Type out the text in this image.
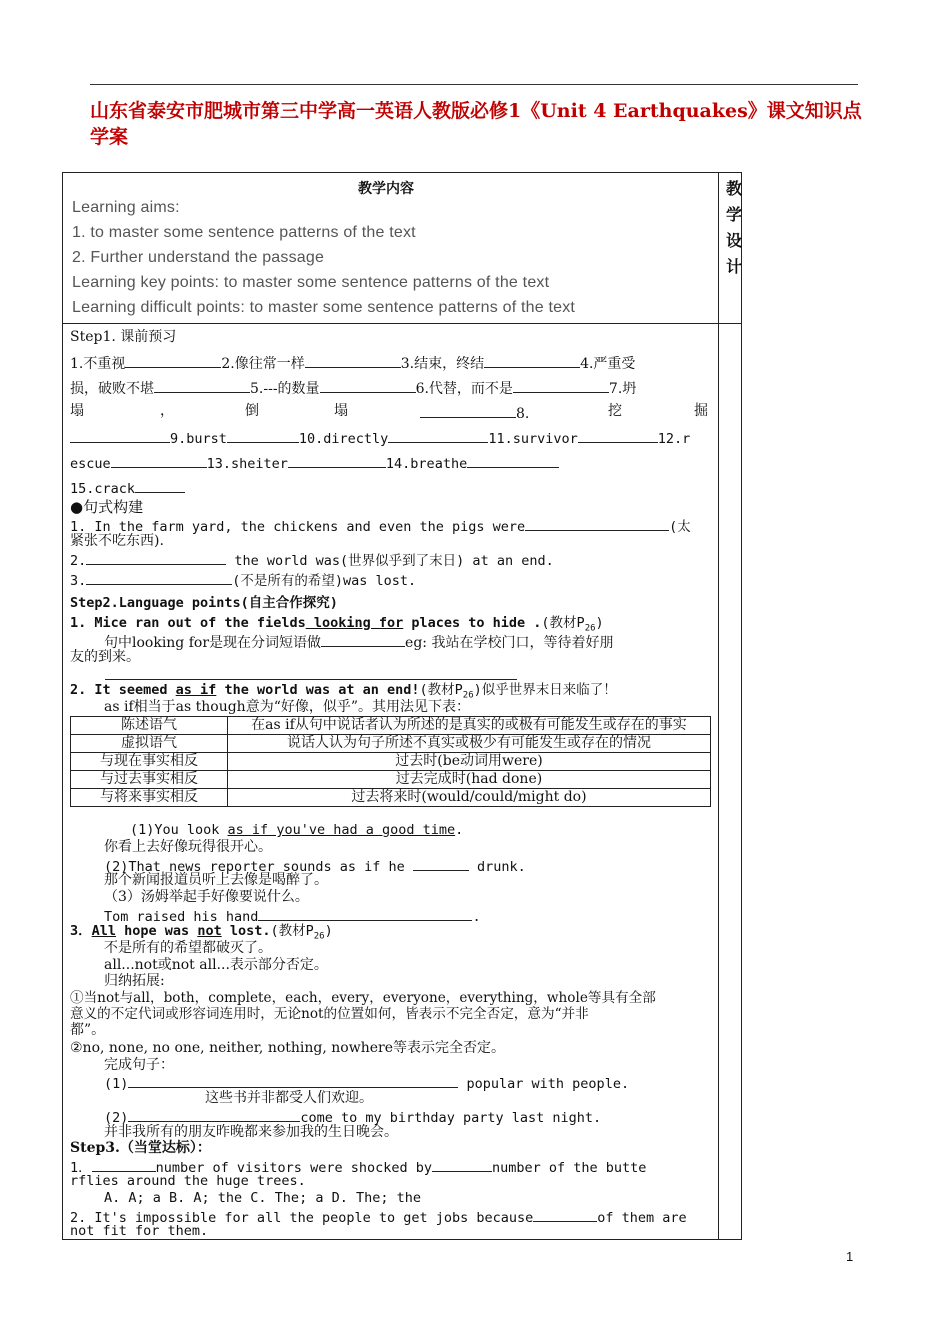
山东省泰安市肥城市第三中学高一英语人教版必修1《Unit 4 Earthquakes》课文知识点学案
教
学
设
计
教学内容
Learning aims:
1. to master some sentence patterns of the text
2. Further understand the passage
Learning key points: to master some sentence patterns of the text
Learning difficult points: to master some sentence patterns of the text
Step1. 课前预习
1.不重视	2.像往常一样	3.结束，终结	4.严重受
损，破败不堪	5.---的数量	6.代替，而不是	7.坍
塌	，	倒	塌	8.	挖	掘
9.burst	10.directly	11.survivor	12.r
escue	13.sheiter	14.breathe
15.crack
●句式构建
1. In the farm yard, the chickens and even the pigs were	(太
紧张不吃东西).
2.	the world was(世界似乎到了末日) at an end.
3.	(不是所有的希望)was lost.
Step2.Language points(自主合作探究)
1. Mice ran out of the fields looking for places to hide .(教材$P_{26}$)
句中looking for是现在分词短语做	eg: 我站在学校门口，等待着好朋
友的到来。
2. It seemed as if the world was at an end!(教材$P_{26}$)似乎世界末日来临了！
as if相当于as though意为“好像，似乎”。其用法见下表：
陈述语气	在as if从句中说话者认为所述的是真实的或极有可能发生或存在的事实
虚拟语气	说话人认为句子所述不真实或极少有可能发生或存在的情况
与现在事实相反	过去时(be动词用were)
与过去事实相反	过去完成时(had done)
与将来事实相反	过去将来时(would/could/might do)
(1)You look as if you've had a good time.
你看上去好像玩得很开心。
(2)That news reporter sounds as if he	drunk.
那个新闻报道员听上去像是喝醉了。
（3）汤姆举起手好像要说什么。
Tom raised his hand	.
3．All hope was not lost.(教材$P_{26}$)
不是所有的希望都破灭了。
all...not或not all...表示部分否定。
归纳拓展:
①当not与all，both，complete，each，every，everyone，everything，whole等具有全部
意义的不定代词或形容词连用时，无论not的位置如何，皆表示不完全否定，意为“并非
都”。
②no, none, no one, neither, nothing, nowhere等表示完全否定。
完成句子：
(1)	popular with people.
这些书并非都受人们欢迎。
(2)	come to my birthday party last night.
并非我所有的朋友昨晚都来参加我的生日晚会。
Step3.（当堂达标）：
1．	number of visitors were shocked by	number of the butte
rflies around the huge trees.
A. A; a B. A; the C. The; a D. The; the
2. It's impossible for all the people to get jobs because	of them are
not fit for them.
1
